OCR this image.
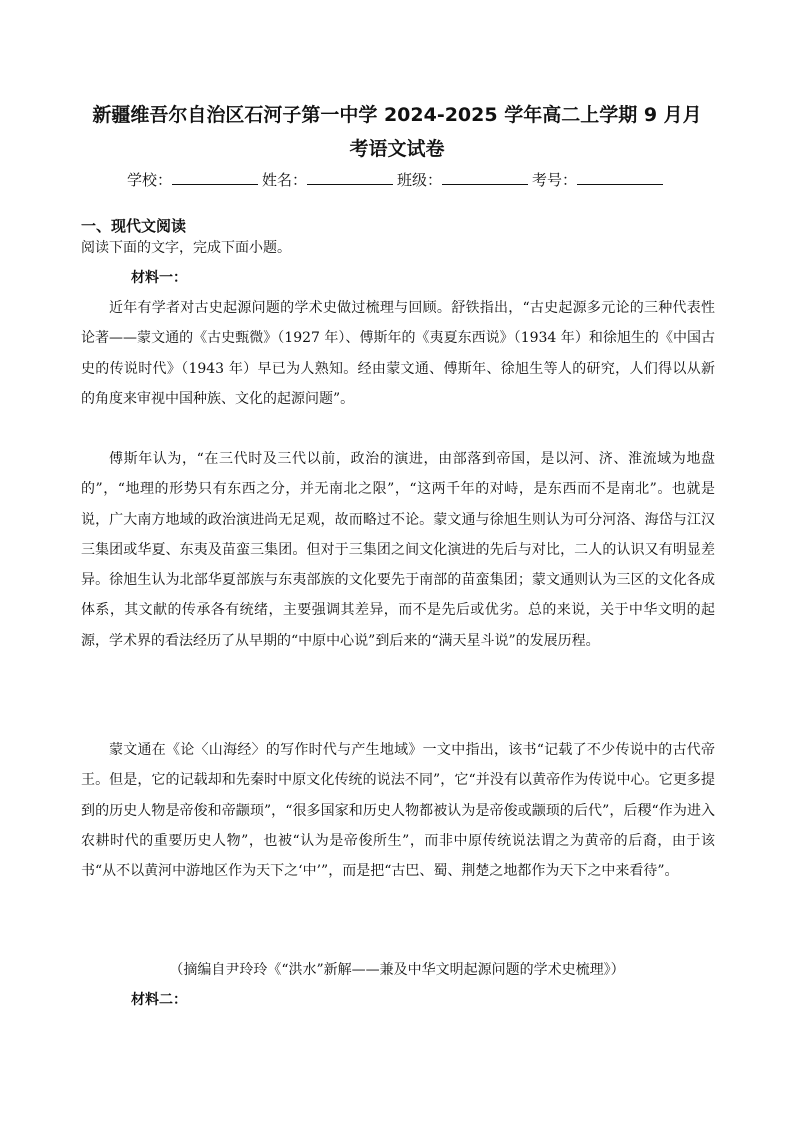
新疆维吾尔自治区石河子第一中学 2024-2025 学年高二上学期 9 月月
考语文试卷
学校：	姓名：	班级：	考号：
一、现代文阅读
阅读下面的文字，完成下面小题。
材料一：

近年有学者对古史起源问题的学术史做过梳理与回顾。舒铁指出，“古史起源多元论的三种代表性论著——蒙文通的《古史甄微》（1927 年）、傅斯年的《夷夏东西说》（1934 年）和徐旭生的《中国古史的传说时代》（1943 年）早已为人熟知。经由蒙文通、傅斯年、徐旭生等人的研究，人们得以从新的角度来审视中国种族、文化的起源问题”。

傅斯年认为，“在三代时及三代以前，政治的演进，由部落到帝国，是以河、济、淮流域为地盘的”，“地理的形势只有东西之分，并无南北之限”，“这两千年的对峙，是东西而不是南北”。也就是说，广大南方地域的政治演进尚无足观，故而略过不论。蒙文通与徐旭生则认为可分河洛、海岱与江汉三集团或华夏、东夷及苗蛮三集团。但对于三集团之间文化演进的先后与对比，二人的认识又有明显差异。徐旭生认为北部华夏部族与东夷部族的文化要先于南部的苗蛮集团；蒙文通则认为三区的文化各成体系，其文献的传承各有统绪，主要强调其差异，而不是先后或优劣。总的来说，关于中华文明的起源，学术界的看法经历了从早期的“中原中心说”到后来的“满天星斗说”的发展历程。

蒙文通在《论〈山海经〉的写作时代与产生地域》一文中指出，该书“记载了不少传说中的古代帝王。但是，它的记载却和先秦时中原文化传统的说法不同”，它“并没有以黄帝作为传说中心。它更多提到的历史人物是帝俊和帝颛顼”，“很多国家和历史人物都被认为是帝俊或颛顼的后代”，后稷“作为进入农耕时代的重要历史人物”，也被“认为是帝俊所生”，而非中原传统说法谓之为黄帝的后裔，由于该书“从不以黄河中游地区作为天下之‘中’”，而是把“古巴、蜀、荆楚之地都作为天下之中来看待”。

（摘编自尹玲玲《“洪水”新解——兼及中华文明起源问题的学术史梳理》）
材料二：
